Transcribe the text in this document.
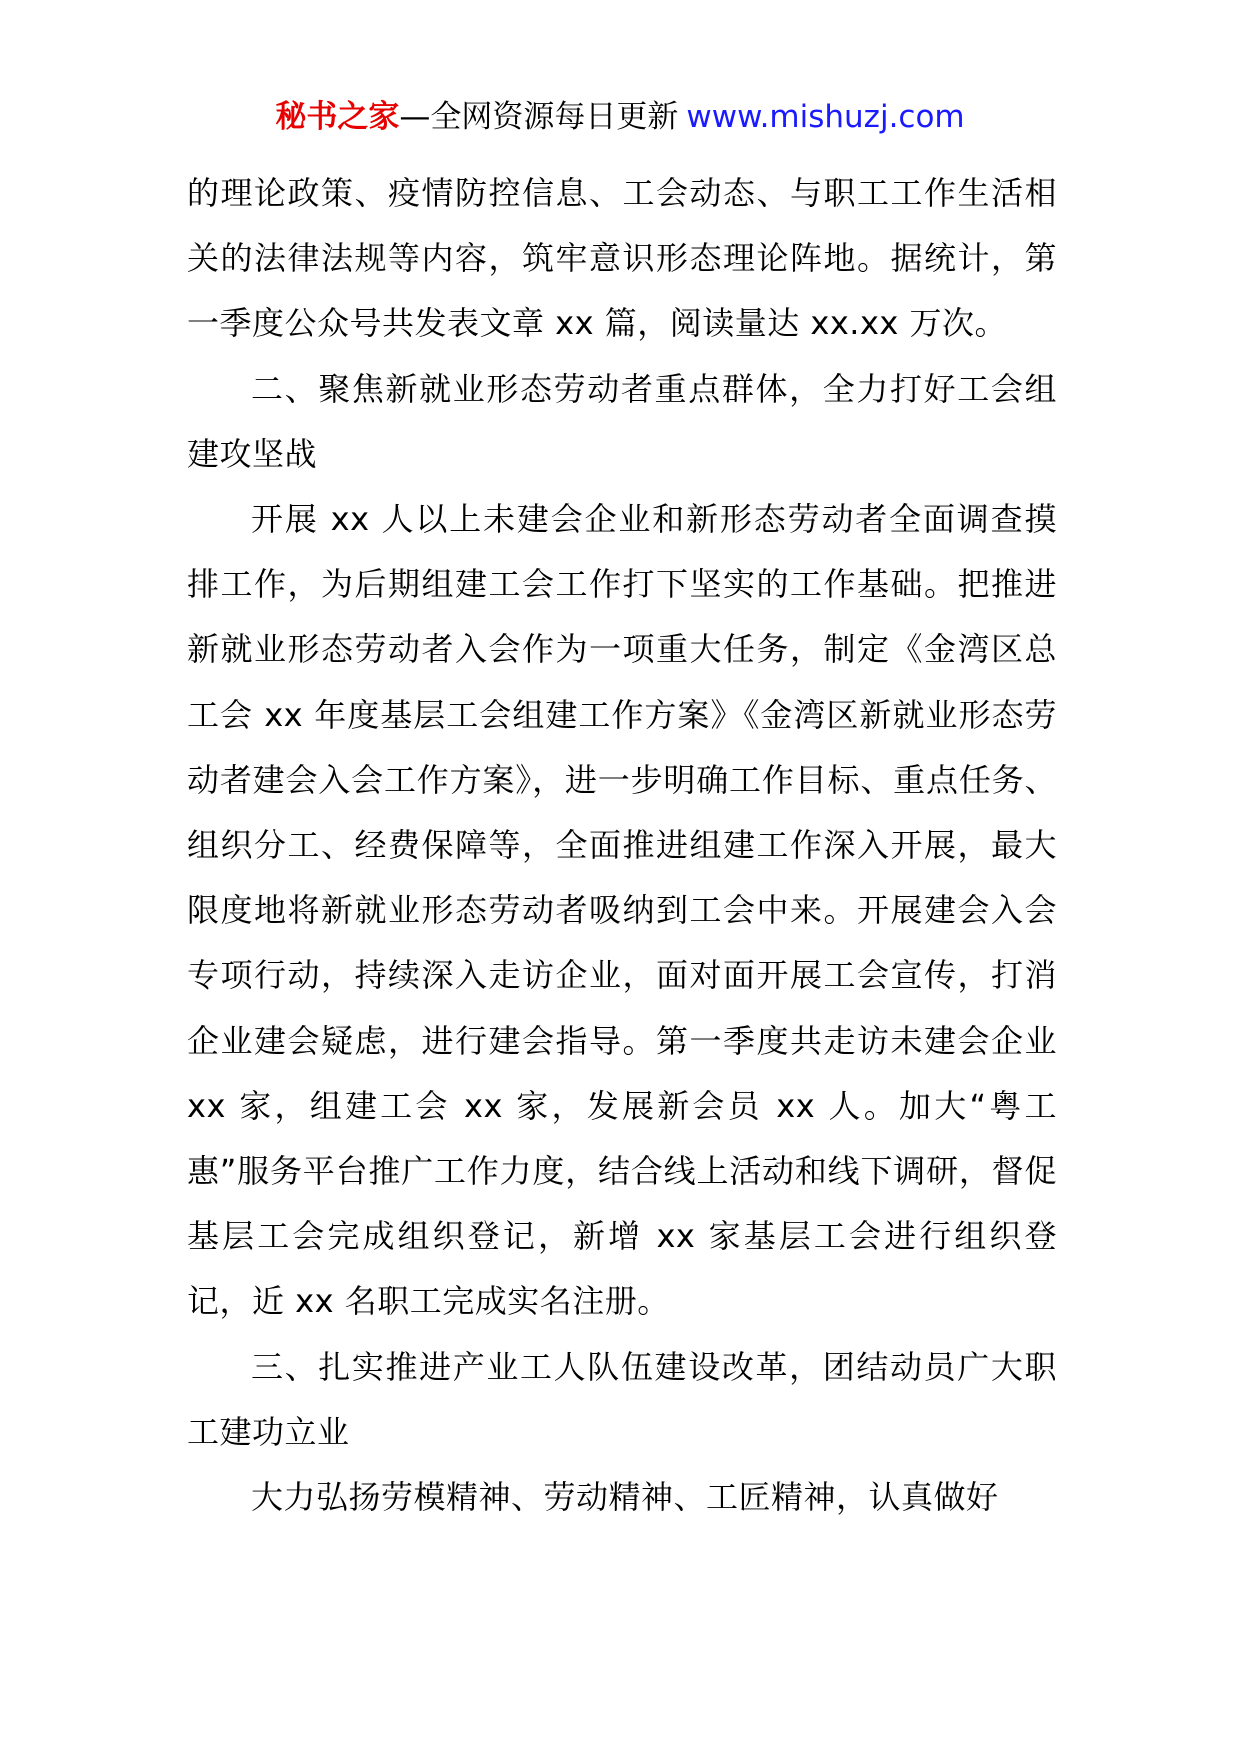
秘书之家—全网资源每日更新 www.mishuzj.com

的理论政策、疫情防控信息、工会动态、与职工工作生活相关的法律法规等内容，筑牢意识形态理论阵地。据统计，第一季度公众号共发表文章 xx 篇，阅读量达 xx.xx 万次。

二、聚焦新就业形态劳动者重点群体，全力打好工会组建攻坚战

开展 xx 人以上未建会企业和新形态劳动者全面调查摸排工作，为后期组建工会工作打下坚实的工作基础。把推进新就业形态劳动者入会作为一项重大任务，制定《金湾区总工会 xx 年度基层工会组建工作方案》《金湾区新就业形态劳动者建会入会工作方案》，进一步明确工作目标、重点任务、组织分工、经费保障等，全面推进组建工作深入开展，最大限度地将新就业形态劳动者吸纳到工会中来。开展建会入会专项行动，持续深入走访企业，面对面开展工会宣传，打消企业建会疑虑，进行建会指导。第一季度共走访未建会企业 xx 家，组建工会 xx 家，发展新会员 xx 人。加大“粤工惠”服务平台推广工作力度，结合线上活动和线下调研，督促基层工会完成组织登记，新增 xx 家基层工会进行组织登记，近 xx 名职工完成实名注册。

三、扎实推进产业工人队伍建设改革，团结动员广大职工建功立业

大力弘扬劳模精神、劳动精神、工匠精神，认真做好
